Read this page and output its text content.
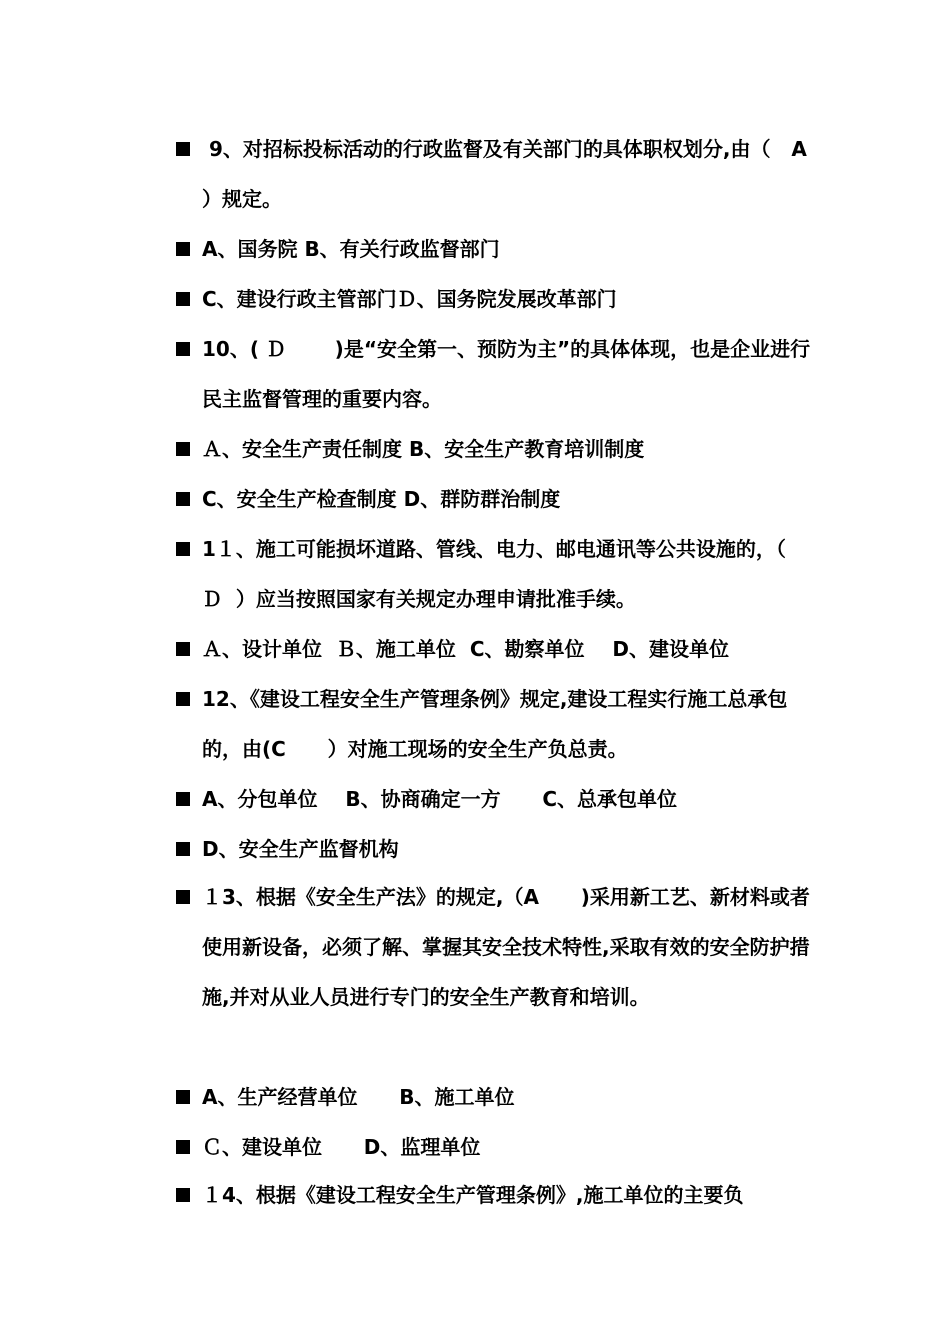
9、对招标投标活动的行政监督及有关部门的具体职权划分,由（   A   ）规定。
A、国务院 B、有关行政监督部门
C、建设行政主管部门Ｄ、国务院发展改革部门
10、( Ｄ       )是“安全第一、预防为主”的具体体现，也是企业进行民主监督管理的重要内容。
Ａ、安全生产责任制度 B、安全生产教育培训制度
C、安全生产检查制度 D、群防群治制度
1１、施工可能损坏道路、管线、电力、邮电通讯等公共设施的，（  Ｄ  ）应当按照国家有关规定办理申请批准手续。
Ａ、设计单位  Ｂ、施工单位  C、勘察单位    D、建设单位
12、《建设工程安全生产管理条例》规定,建设工程实行施工总承包的，由(C      ）对施工现场的安全生产负总责。
A、分包单位    B、协商确定一方      C、总承包单位
D、安全生产监督机构
１3、根据《安全生产法》的规定,（A      )采用新工艺、新材料或者使用新设备，必须了解、掌握其安全技术特性,采取有效的安全防护措施,并对从业人员进行专门的安全生产教育和培训。
A、生产经营单位      B、施工单位
Ｃ、建设单位      D、监理单位
１4、根据《建设工程安全生产管理条例》,施工单位的主要负
